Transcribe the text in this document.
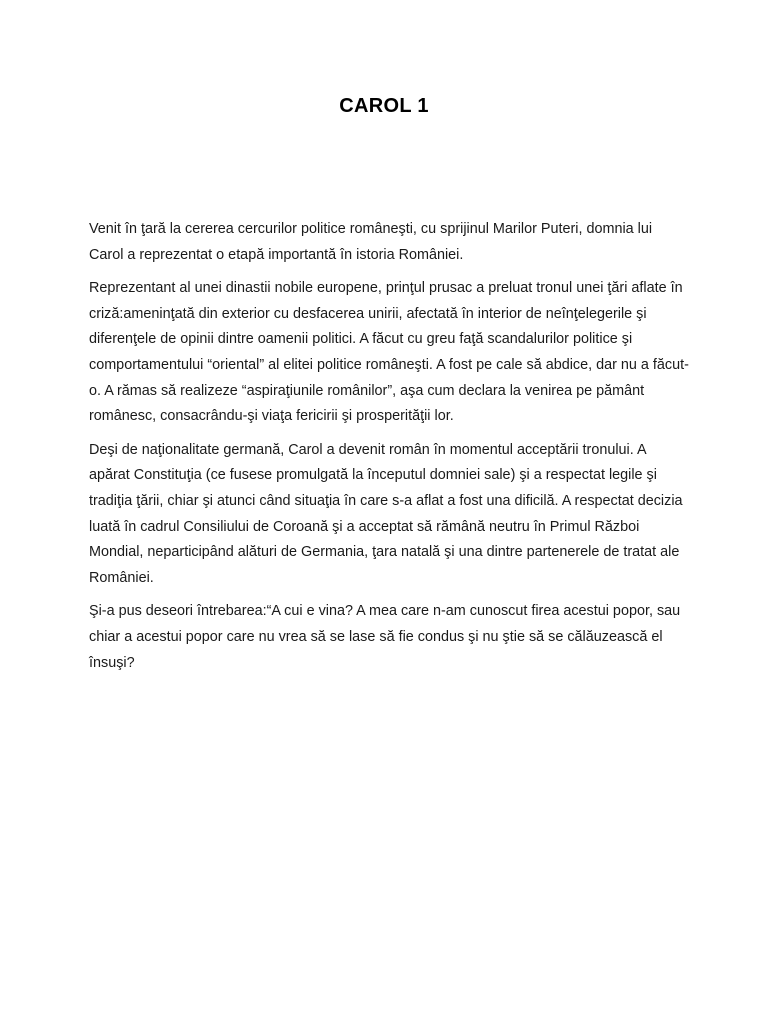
CAROL 1

Venit în ţară la cererea cercurilor politice româneşti, cu sprijinul Marilor Puteri, domnia lui Carol a reprezentat o etapă importantă în istoria României.

Reprezentant al unei dinastii nobile europene, prinţul prusac a preluat tronul unei ţări aflate în criză:ameninţată din exterior cu desfacerea unirii, afectată în interior de neînţelegerile şi diferenţele de opinii dintre oamenii politici. A făcut cu greu faţă scandalurilor politice şi comportamentului “oriental” al elitei politice româneşti. A fost pe cale să abdice, dar nu a făcut-o. A rămas să realizeze “aspiraţiunile românilor”, aşa cum declara la venirea pe pământ românesc, consacrându-şi viaţa fericirii şi prosperităţii lor.

Deşi de naţionalitate germană, Carol a devenit român în momentul acceptării tronului. A apărat Constituţia (ce fusese promulgată la începutul domniei sale) şi a respectat legile şi tradiţia ţării, chiar şi atunci când situaţia în care s-a aflat a fost una dificilă. A respectat decizia luată în cadrul Consiliului de Coroană şi a acceptat să rămână neutru în Primul Război Mondial, neparticipând alături de Germania, ţara natală şi una dintre partenerele de tratat ale României.

Şi-a pus deseori întrebarea:“A cui e vina? A mea care n-am cunoscut firea acestui popor, sau chiar a acestui popor care nu vrea să se lase să fie condus şi nu ştie să se călăuzească el însuşi?
